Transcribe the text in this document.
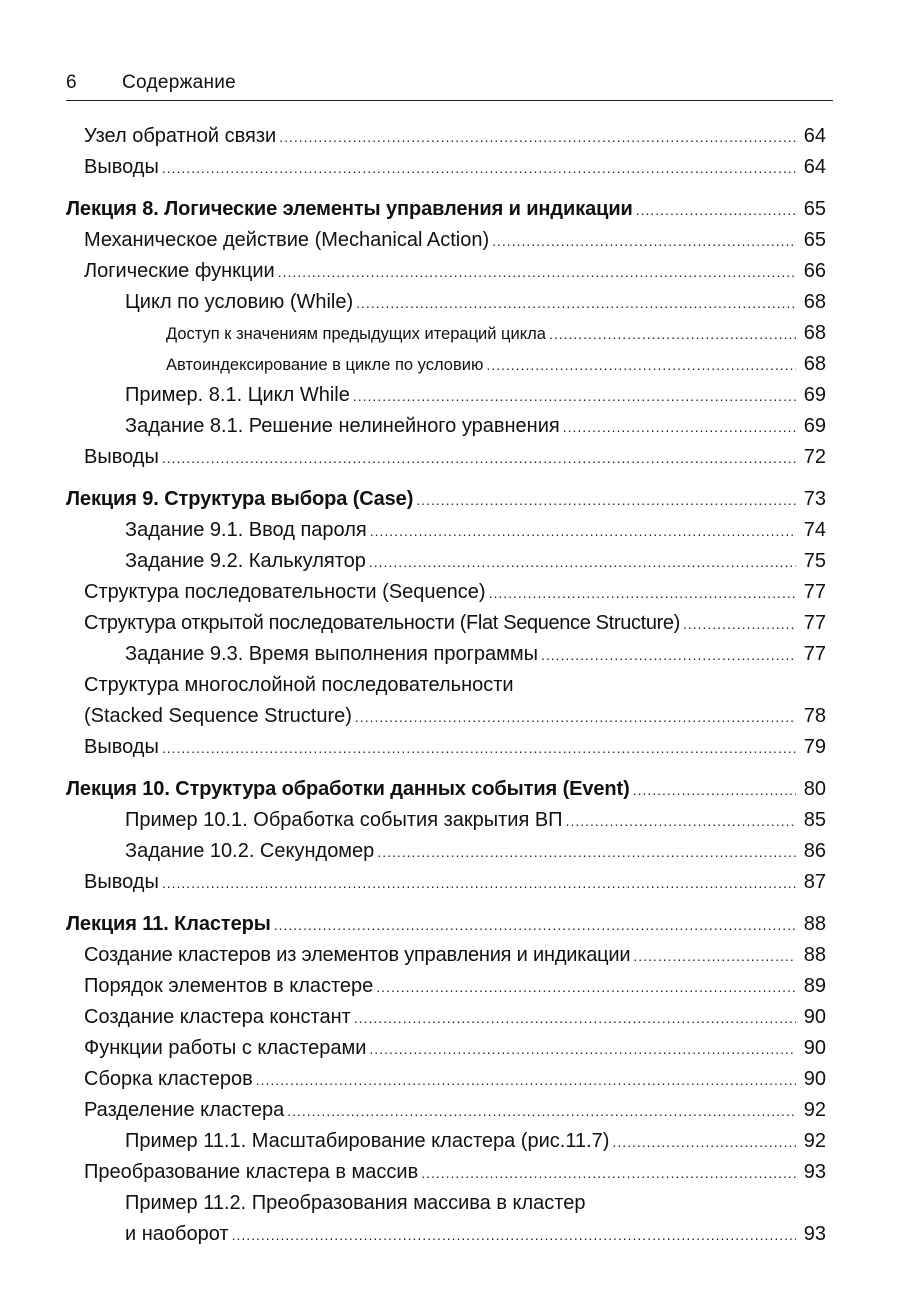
6 Содержание
Узел обратной связи .....	64
Выводы .....	64
Лекция 8. Логические элементы управления и индикации .....	65
Механическое действие (Mechanical Action) .....	65
Логические функции .....	66
Цикл по условию (While) .....	68
Доступ к значениям предыдущих итераций цикла .....	68
Автоиндексирование в цикле по условию .....	68
Пример. 8.1. Цикл While .....	69
Задание 8.1. Решение нелинейного уравнения .....	69
Выводы .....	72
Лекция 9. Структура выбора (Case) .....	73
Задание 9.1. Ввод пароля .....	74
Задание 9.2. Калькулятор .....	75
Структура последовательности (Sequence) .....	77
Структура открытой последовательности (Flat Sequence Structure) .....	77
Задание 9.3. Время выполнения программы .....	77
Структура многослойной последовательности
(Stacked Sequence Structure) .....	78
Выводы .....	79
Лекция 10. Структура обработки данных события (Event) .....	80
Пример 10.1. Обработка события закрытия ВП .....	85
Задание 10.2. Секундомер .....	86
Выводы .....	87
Лекция 11. Кластеры .....	88
Создание кластеров из элементов управления и индикации .....	88
Порядок элементов в кластере .....	89
Создание кластера констант .....	90
Функции работы с кластерами .....	90
Сборка кластеров .....	90
Разделение кластера .....	92
Пример 11.1. Масштабирование кластера (рис.11.7) .....	92
Преобразование кластера в массив .....	93
Пример 11.2. Преобразования массива в кластер
и наоборот .....	93
